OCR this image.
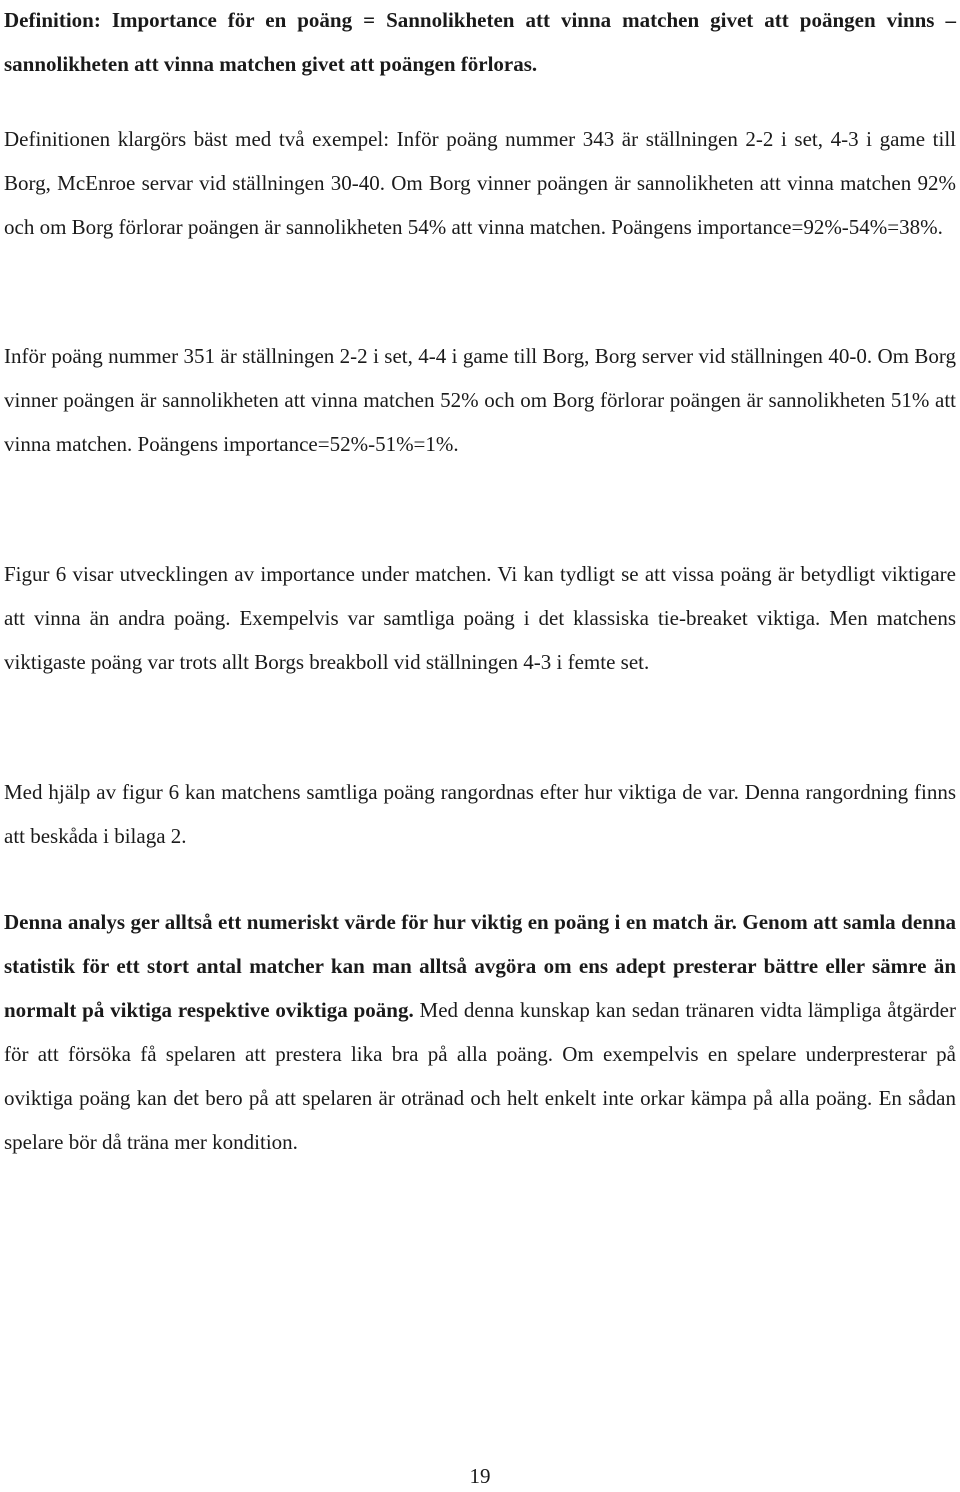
Definition: Importance för en poäng = Sannolikheten att vinna matchen givet att poängen vinns – sannolikheten att vinna matchen givet att poängen förloras.

Definitionen klargörs bäst med två exempel: Inför poäng nummer 343 är ställningen 2-2 i set, 4-3 i game till Borg, McEnroe servar vid ställningen 30-40. Om Borg vinner poängen är sannolikheten att vinna matchen 92% och om Borg förlorar poängen är sannolikheten 54% att vinna matchen. Poängens importance=92%-54%=38%.

Inför poäng nummer 351 är ställningen 2-2 i set, 4-4 i game till Borg, Borg server vid ställningen 40-0. Om Borg vinner poängen är sannolikheten att vinna matchen 52% och om Borg förlorar poängen är sannolikheten 51% att vinna matchen. Poängens importance=52%-51%=1%.

Figur 6 visar utvecklingen av importance under matchen. Vi kan tydligt se att vissa poäng är betydligt viktigare att vinna än andra poäng. Exempelvis var samtliga poäng i det klassiska tie-breaket viktiga. Men matchens viktigaste poäng var trots allt Borgs breakboll vid ställningen 4-3 i femte set.

Med hjälp av figur 6 kan matchens samtliga poäng rangordnas efter hur viktiga de var. Denna rangordning finns att beskåda i bilaga 2.

Denna analys ger alltså ett numeriskt värde för hur viktig en poäng i en match är. Genom att samla denna statistik för ett stort antal matcher kan man alltså avgöra om ens adept presterar bättre eller sämre än normalt på viktiga respektive oviktiga poäng. Med denna kunskap kan sedan tränaren vidta lämpliga åtgärder för att försöka få spelaren att prestera lika bra på alla poäng. Om exempelvis en spelare underpresterar på oviktiga poäng kan det bero på att spelaren är otränad och helt enkelt inte orkar kämpa på alla poäng. En sådan spelare bör då träna mer kondition.

19
